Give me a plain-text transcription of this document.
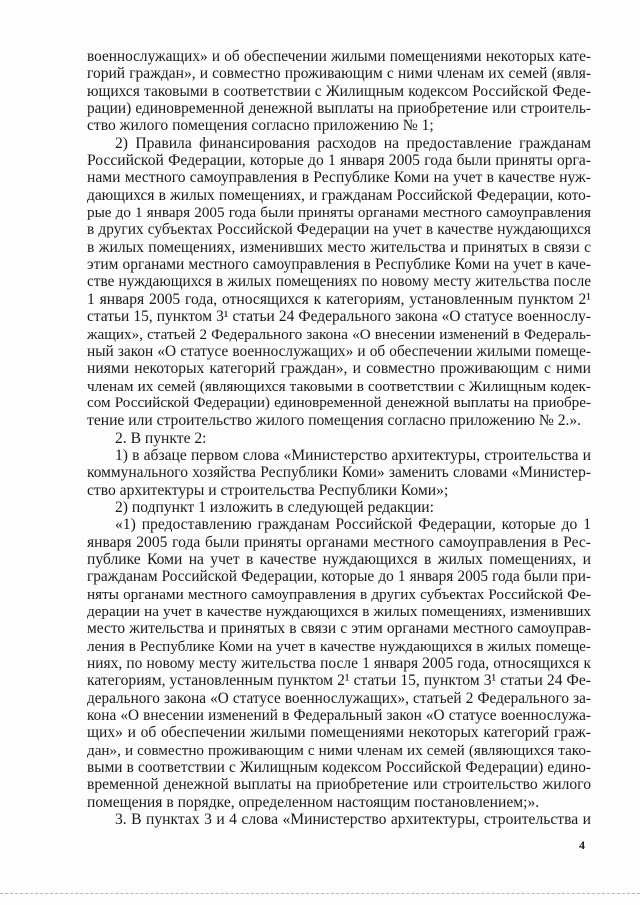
военнослужащих» и об обеспечении жилыми помещениями некоторых кате-
горий граждан», и совместно проживающим с ними членам их семей (явля-
ющихся таковыми в соответствии с Жилищным кодексом Российской Феде-
рации) единовременной денежной выплаты на приобретение или строитель-
ство жилого помещения согласно приложению № 1;
2) Правила финансирования расходов на предоставление гражданам
Российской Федерации, которые до 1 января 2005 года были приняты орга-
нами местного самоуправления в Республике Коми на учет в качестве нуж-
дающихся в жилых помещениях, и гражданам Российской Федерации, кото-
рые до 1 января 2005 года были приняты органами местного самоуправления
в других субъектах Российской Федерации на учет в качестве нуждающихся
в жилых помещениях, изменивших место жительства и принятых в связи с
этим органами местного самоуправления в Республике Коми на учет в каче-
стве нуждающихся в жилых помещениях по новому месту жительства после
1 января 2005 года, относящихся к категориям, установленным пунктом 2¹
статьи 15, пунктом 3¹ статьи 24 Федерального закона «О статусе военнослу-
жащих», статьей 2 Федерального закона «О внесении изменений в Федераль-
ный закон «О статусе военнослужащих» и об обеспечении жилыми помеще-
ниями некоторых категорий граждан», и совместно проживающим с ними
членам их семей (являющихся таковыми в соответствии с Жилищным кодек-
сом Российской Федерации) единовременной денежной выплаты на приобре-
тение или строительство жилого помещения согласно приложению № 2.».
2. В пункте 2:
1) в абзаце первом слова «Министерство архитектуры, строительства и
коммунального хозяйства Республики Коми» заменить словами «Министер-
ство архитектуры и строительства Республики Коми»;
2) подпункт 1 изложить в следующей редакции:
«1) предоставлению гражданам Российской Федерации, которые до 1
января 2005 года были приняты органами местного самоуправления в Рес-
публике Коми на учет в качестве нуждающихся в жилых помещениях, и
гражданам Российской Федерации, которые до 1 января 2005 года были при-
няты органами местного самоуправления в других субъектах Российской Фе-
дерации на учет в качестве нуждающихся в жилых помещениях, изменивших
место жительства и принятых в связи с этим органами местного самоуправ-
ления в Республике Коми на учет в качестве нуждающихся в жилых помеще-
ниях, по новому месту жительства после 1 января 2005 года, относящихся к
категориям, установленным пунктом 2¹ статьи 15, пунктом 3¹ статьи 24 Фе-
дерального закона «О статусе военнослужащих», статьей 2 Федерального за-
кона «О внесении изменений в Федеральный закон «О статусе военнослужа-
щих» и об обеспечении жилыми помещениями некоторых категорий граж-
дан», и совместно проживающим с ними членам их семей (являющихся тако-
выми в соответствии с Жилищным кодексом Российской Федерации) едино-
временной денежной выплаты на приобретение или строительство жилого
помещения в порядке, определенном настоящим постановлением;».
3. В пунктах 3 и 4 слова «Министерство архитектуры, строительства и
4
